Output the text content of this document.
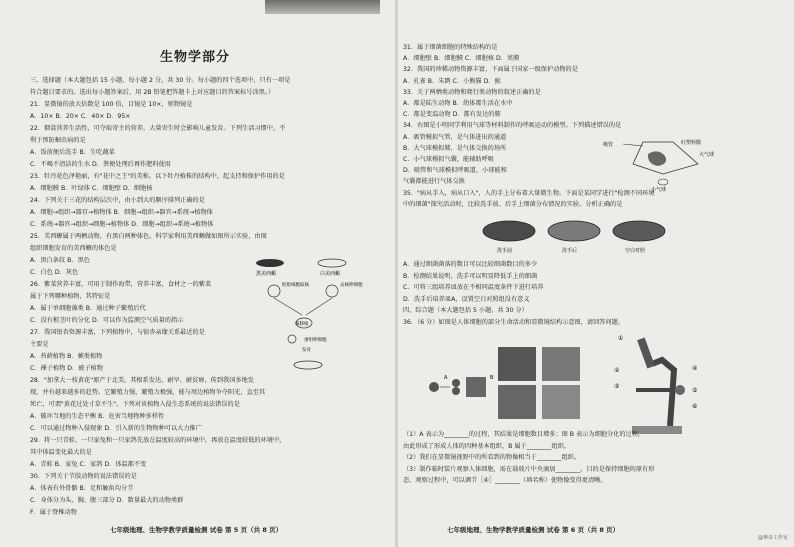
生物学部分
三、选择题（本大题包括 15 小题，每小题 2 分，共 30 分。每小题的四个选项中，只有一项是
符合题目要求的。选出每小题答案后，用 2B 铅笔把答题卡上对应题目的答案标号涂黑。）
21．显微镜的放大倍数是 100 倍，目镜是 10×，则物镜是
A．10× B．20× C．40× D．95×
22．烟盒营养生活性，可夺取寄主的营养，大量寄生时会影响儿童发育。下列生活习惯中，不
利于预防蛔虫病的是
A．饭前便后洗手 B．生吃蔬菜
C．不喝不清洁的生水 D．粪便处理后再作肥料使用
23．牡丹花色泽艳丽，有"花中之王"的美称。以下牡丹植株的结构中，起支持和保护作用的是
A．细胞膜 B．叶绿体 C．细胞壁 D．细胞核
24．下列关于三花的结构层次中，由小到大的顺序排列正确的是
A．细胞→组织→器官→植物体 B．细胞→组织→器官→系统→植物体
C．系统→器官→组织→细胞→植物体 D．细胞→组织→系统→植物体
25．美西螈属于两栖动物，有黑白两种体色。科学家利用美西螈做如图所示实验，由图
组织细胞发育的美西螈的体色是
A．黑白条纹 B．黑色
C．白色 D．灰色
26．紫菜营养丰富，可用于制作海带，营养丰富，食材之一的紫菜
属于下列哪种植物，其特征是
A．属于单细胞藻类 B．通过种子繁殖后代
C．没有根茎叶的分化 D．可以作为监测空气质量的指示
27．我国银杏资源丰富，下列植物中，与银杏亲缘关系最近的是
主要是
A．苔藓植物 B．蕨类植物
C．裸子植物 D．被子植物
28．"加拿大一枝黄花"原产于北美，其根系发达，耐旱、耐贫瘠，传到我国多地发
现，并有越来越多的趋势。它繁殖力强，繁殖力极强，能与周边植物争夺阳光，直至其
死亡，可谓"黄花过处寸草不生"。下列对该植物入侵生态系统的说法错误的是
A．破坏当地的生态平衡 B．危害当地物种多样性
C．可以通过物种入侵现象 D．引入新的生物物种可以大力推广
29．将一只青蛙、一只家兔和一只家鸽先放在温度较高的环境中，再放在温度较低的环境中，
其中体温变化最大的是
A．青蛙 B．家兔 C．家鸽 D．体温都不变
30．下列关于节肢动物的说法错误的是
A．体表有外骨骼 B．足和触角均分节
C．身体分为头、胸、腹三部分 D．数量最大的动物类群
F．属于脊椎动物
黑美西螈	白美西螈
胚胎细胞取核	去核卵细胞
核移植
重组卵细胞
发育
七年级地理、生物学教学质量检测 试卷 第 5 页（共 8 页）
31．属于细菌细胞的特殊结构的是
A．细胞壁 B．细胞膜 C．细胞核 D．荚膜
32．我国的珍稀动物资源丰富，下面属于国家一级保护动物的是
A．孔雀 B．朱鹮 C．小熊猫 D．猴
33．关于两栖类动物和爬行类动物的叙述正确的是
A．都是陆生动物 B．幼体都生活在水中
C．都是变温动物 D．都有发达的肺
34．右图是小明同学利用气球等材料制作的呼吸运动的模型。下列描述错误的是
A．吸管模拟气管，是气体进出的通道
B．大气球模拟肺，是气体交换的场所
C．小气球模拟气囊，能辅助呼吸
D．吸管和气球模拟呼吸道，小球能和
气囊都能进行气体交换
35．"病从手入，病从口入"，人的手上分布着大量微生物。下面是某同学进行"检测不同环境
中的细菌"探究活动时，比较洗手前、后手上细菌分布情况的实验。分析正确的是
吸管	红塑料膜
大气球
小气球
洗手前	洗手后	空白对照
A．通过细菌菌落的数目可以比较细菌数目的多少
B．检测结果说明，洗手可以明显降低手上的细菌
C．可将三组培养皿放在不相同温度条件下进行培养
D．洗手后培养皿A，设置空白对照组没有意义
四、综合题（本大题包括 5 小题，共 30 分）
36．（6 分）如图是人体细胞的部分生命活动和显微镜结构示意图，请回答问题。
A	B
①
②
③
④
⑤
⑥
（1）A 表示为________的过程，其结果是细胞数目增多；图 B 表示为细胞分化的过程，
由此形成了形成人体的四种基本组织，B 属于________组织。
（2）我们在显微镜视野中的所看到的物像相当于________组织。
（3）制作临时装片观察人体细胞，需在载玻片中央滴加________，目的是保持细胞的原有形
态，观察过程中，可以调节［④］________（填名称）使物像变得更清晰。
七年级地理、生物学教学质量检测 试卷 第 6 页（共 8 页）
@神奇工作室
